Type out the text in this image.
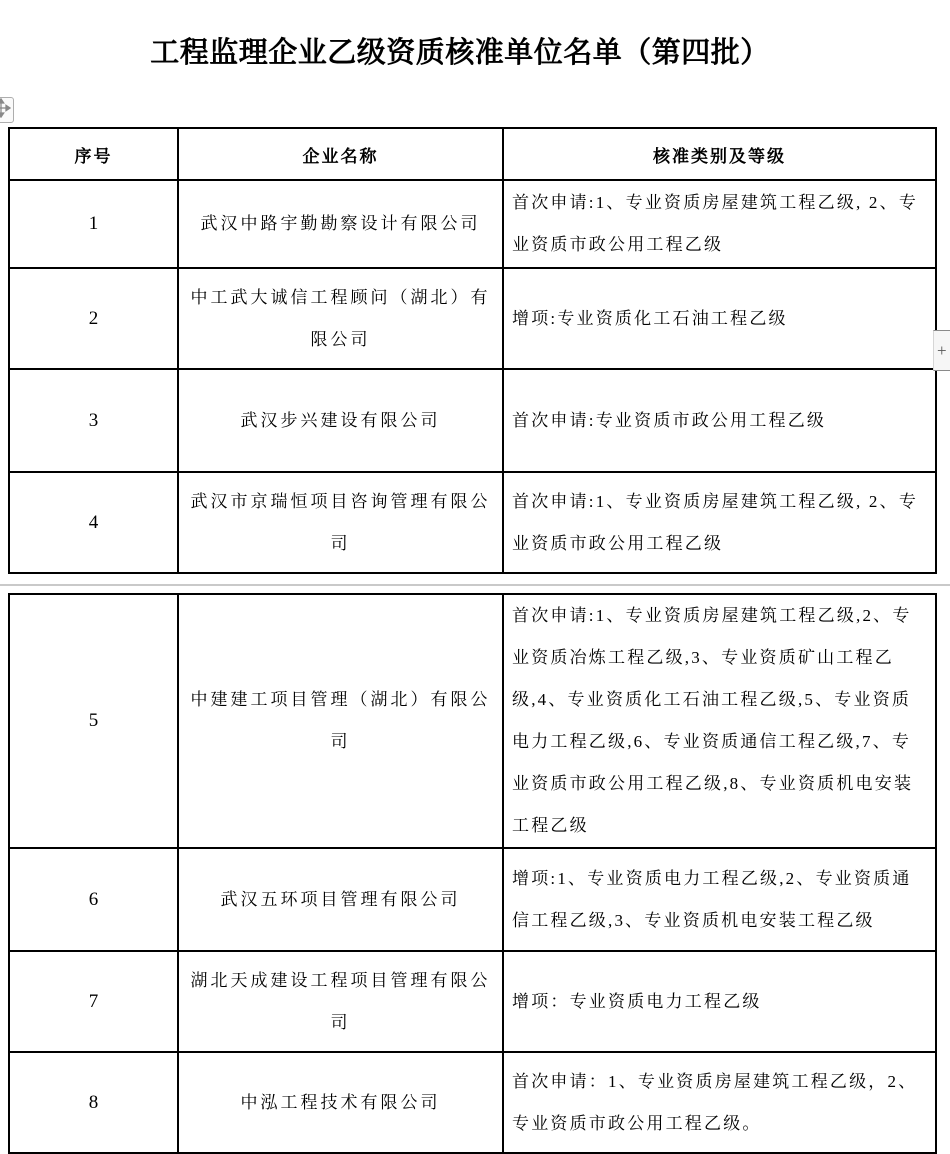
工程监理企业乙级资质核准单位名单（第四批）
序号	企业名称	核准类别及等级
1	武汉中路宇勤勘察设计有限公司	首次申请:1、专业资质房屋建筑工程乙级, 2、专业资质市政公用工程乙级
2	中工武大诚信工程顾问（湖北）有限公司	增项:专业资质化工石油工程乙级
3	武汉步兴建设有限公司	首次申请:专业资质市政公用工程乙级
4	武汉市京瑞恒项目咨询管理有限公司	首次申请:1、专业资质房屋建筑工程乙级, 2、专业资质市政公用工程乙级
5	中建建工项目管理（湖北）有限公司	首次申请:1、专业资质房屋建筑工程乙级,2、专业资质冶炼工程乙级,3、专业资质矿山工程乙级,4、专业资质化工石油工程乙级,5、专业资质电力工程乙级,6、专业资质通信工程乙级,7、专业资质市政公用工程乙级,8、专业资质机电安装工程乙级
6	武汉五环项目管理有限公司	增项:1、专业资质电力工程乙级,2、专业资质通信工程乙级,3、专业资质机电安装工程乙级
7	湖北天成建设工程项目管理有限公司	增项：专业资质电力工程乙级
8	中泓工程技术有限公司	首次申请：1、专业资质房屋建筑工程乙级，2、专业资质市政公用工程乙级。
+
